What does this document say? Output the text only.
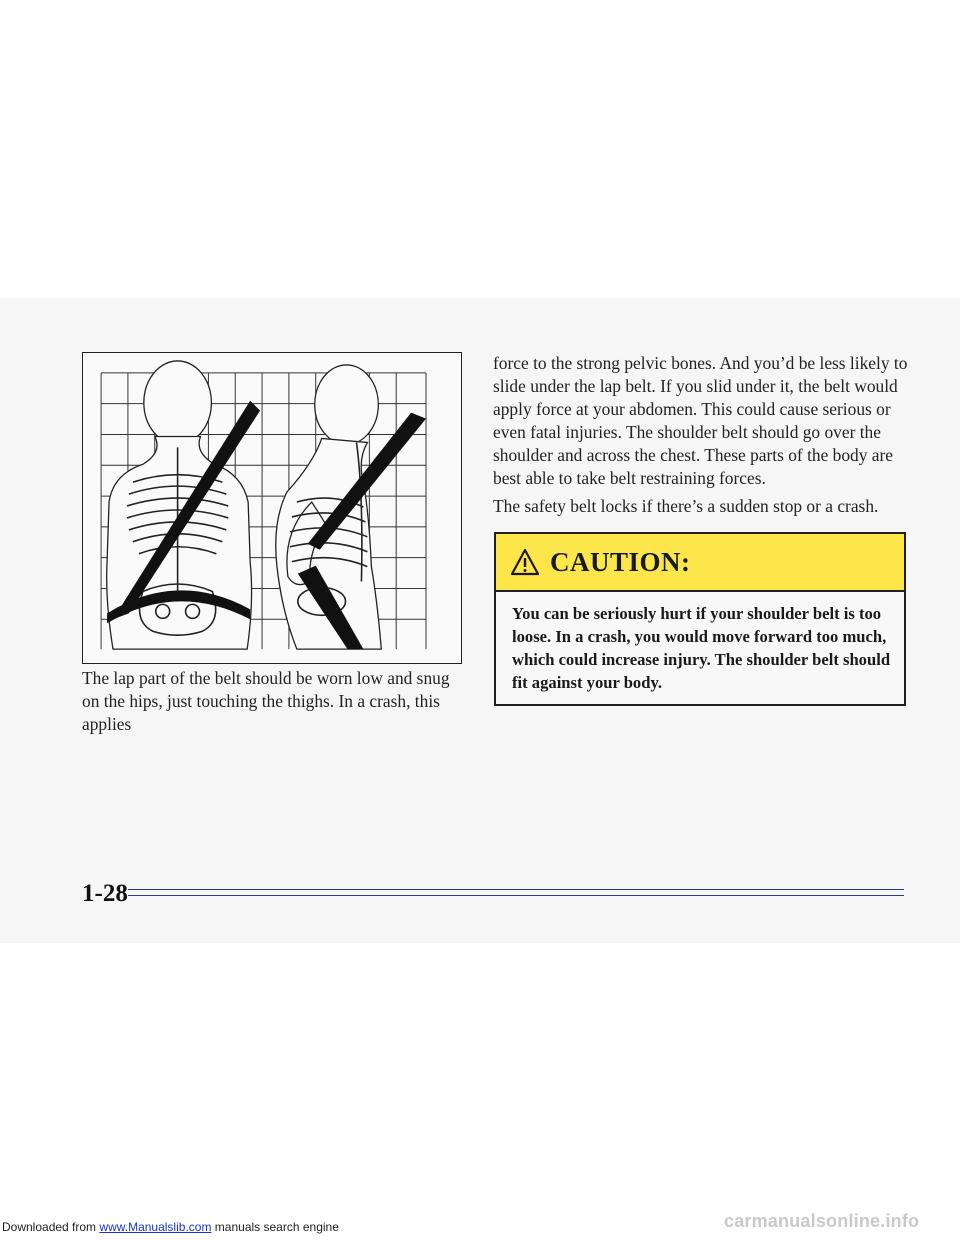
The lap part of the belt should be worn low and snug on the hips, just touching the thighs. In a crash, this applies

force to the strong pelvic bones. And you’d be less likely to slide under the lap belt. If you slid under it, the belt would apply force at your abdomen. This could cause serious or even fatal injuries. The shoulder belt should go over the shoulder and across the chest. These parts of the body are best able to take belt restraining forces.

The safety belt locks if there’s a sudden stop or a crash.

CAUTION:

You can be seriously hurt if your shoulder belt is too loose. In a crash, you would move forward too much, which could increase injury. The shoulder belt should fit against your body.

1-28
Downloaded from www.Manualslib.com manuals search engine	carmanualsonline.info
